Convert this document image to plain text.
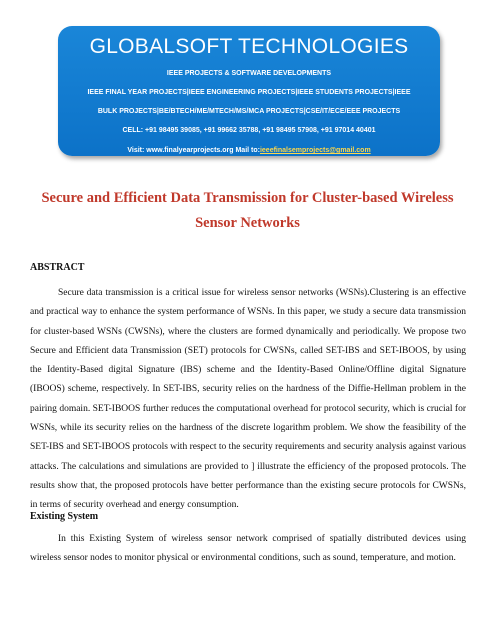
GLOBALSOFT TECHNOLOGIES
IEEE PROJECTS & SOFTWARE DEVELOPMENTS
IEEE FINAL YEAR PROJECTS|IEEE ENGINEERING PROJECTS|IEEE STUDENTS PROJECTS|IEEE
BULK PROJECTS|BE/BTECH/ME/MTECH/MS/MCA PROJECTS|CSE/IT/ECE/EEE PROJECTS
CELL: +91 98495 39085, +91 99662 35788, +91 98495 57908, +91 97014 40401
Visit: www.finalyearprojects.org Mail to:ieeefinalsemprojects@gmail.com
Secure and Efficient Data Transmission for Cluster-based Wireless Sensor Networks
ABSTRACT

Secure data transmission is a critical issue for wireless sensor networks (WSNs).Clustering is an effective and practical way to enhance the system performance of WSNs. In this paper, we study a secure data transmission for cluster-based WSNs (CWSNs), where the clusters are formed dynamically and periodically. We propose two Secure and Efficient data Transmission (SET) protocols for CWSNs, called SET-IBS and SET-IBOOS, by using the Identity-Based digital Signature (IBS) scheme and the Identity-Based Online/Offline digital Signature (IBOOS) scheme, respectively. In SET-IBS, security relies on the hardness of the Diffie-Hellman problem in the pairing domain. SET-IBOOS further reduces the computational overhead for protocol security, which is crucial for WSNs, while its security relies on the hardness of the discrete logarithm problem. We show the feasibility of the SET-IBS and SET-IBOOS protocols with respect to the security requirements and security analysis against various attacks. The calculations and simulations are provided to ] illustrate the efficiency of the proposed protocols. The results show that, the proposed protocols have better performance than the existing secure protocols for CWSNs, in terms of security overhead and energy consumption.

Existing System

In this Existing System of wireless sensor network comprised of spatially distributed devices using wireless sensor nodes to monitor physical or environmental conditions, such as sound, temperature, and motion.
